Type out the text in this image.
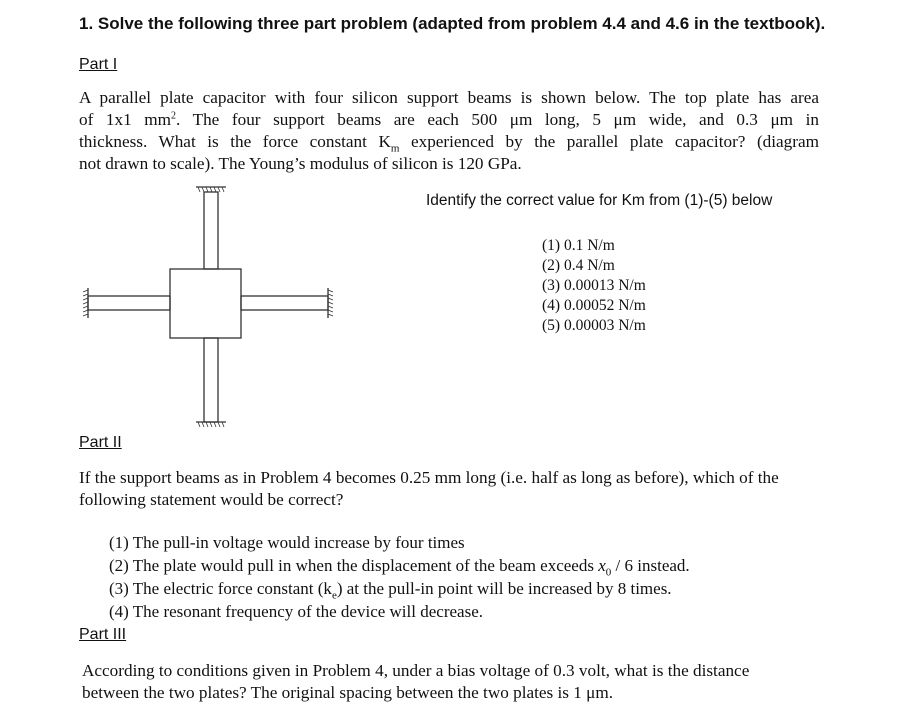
1. Solve the following three part problem (adapted from problem 4.4 and 4.6 in the textbook).
Part I
A parallel plate capacitor with four silicon support beams is shown below. The top plate has area
of 1x1 $mm^2$. The four support beams are each 500 μm long, 5 μm wide, and 0.3 μm in
thickness. What is the force constant $K_m$ experienced by the parallel plate capacitor? (diagram
not drawn to scale). The Young’s modulus of silicon is 120 GPa.
Identify the correct value for Km from (1)-(5) below
(1) 0.1 N/m
(2) 0.4 N/m
(3) 0.00013 N/m
(4) 0.00052 N/m
(5) 0.00003 N/m
Part II
If the support beams as in Problem 4 becomes 0.25 mm long (i.e. half as long as before), which of the following statement would be correct?
(1) The pull-in voltage would increase by four times
(2) The plate would pull in when the displacement of the beam exceeds $x_0 / 6$ instead.
(3) The electric force constant $(k_e)$ at the pull-in point will be increased by 8 times.
(4) The resonant frequency of the device will decrease.
Part III
According to conditions given in Problem 4, under a bias voltage of 0.3 volt, what is the distance between the two plates? The original spacing between the two plates is 1 μm.
